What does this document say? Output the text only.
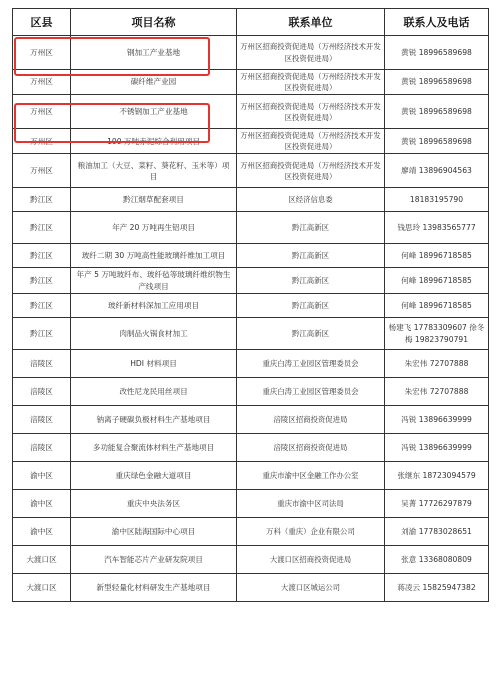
区县	项目名称	联系单位	联系人及电话
万州区	钢加工产业基地	万州区招商投资促进局（万州经济技术开发区投资促进局）	黄锐 18996589698
万州区	碳纤维产业园	万州区招商投资促进局（万州经济技术开发区投资促进局）	黄锐 18996589698
万州区	不锈钢加工产业基地	万州区招商投资促进局（万州经济技术开发区投资促进局）	黄锐 18996589698
万州区	100 万吨赤泥综合利用项目	万州区招商投资促进局（万州经济技术开发区投资促进局）	黄锐 18996589698
万州区	粮油加工（大豆、菜籽、葵花籽、玉米等）项目	万州区招商投资促进局（万州经济技术开发区投资促进局）	廖靖 13896904563
黔江区	黔江烟草配套项目	区经济信息委	18183195790
黔江区	年产 20 万吨再生铝项目	黔江高新区	钱思玲 13983565777
黔江区	玻纤二期 30 万吨高性能玻璃纤维加工项目	黔江高新区	何峰 18996718585
黔江区	年产 5 万吨玻纤布、玻纤毡等玻璃纤维织物生产线项目	黔江高新区	何峰 18996718585
黔江区	玻纤新材料深加工应用项目	黔江高新区	何峰 18996718585
黔江区	肉制品火锅食材加工	黔江高新区	杨建飞 17783309607 徐冬梅 19823790791
涪陵区	HDI 材料项目	重庆白涛工业园区管理委员会	朱宏伟 72707888
涪陵区	改性尼龙民用丝项目	重庆白涛工业园区管理委员会	朱宏伟 72707888
涪陵区	钠离子硬碳负极材料生产基地项目	涪陵区招商投资促进局	冯锐 13896639999
涪陵区	多功能复合聚流体材料生产基地项目	涪陵区招商投资促进局	冯锐 13896639999
渝中区	重庆绿色金融大道项目	重庆市渝中区金融工作办公室	张继东 18723094579
渝中区	重庆中央法务区	重庆市渝中区司法局	吴菁 17726297879
渝中区	渝中区陆海国际中心项目	万科（重庆）企业有限公司	刘渝 17783028651
大渡口区	汽车智能芯片产业研发院项目	大渡口区招商投资促进局	张意 13368080809
大渡口区	新型轻量化材料研发生产基地项目	大渡口区城运公司	蒋凌云 15825947382
